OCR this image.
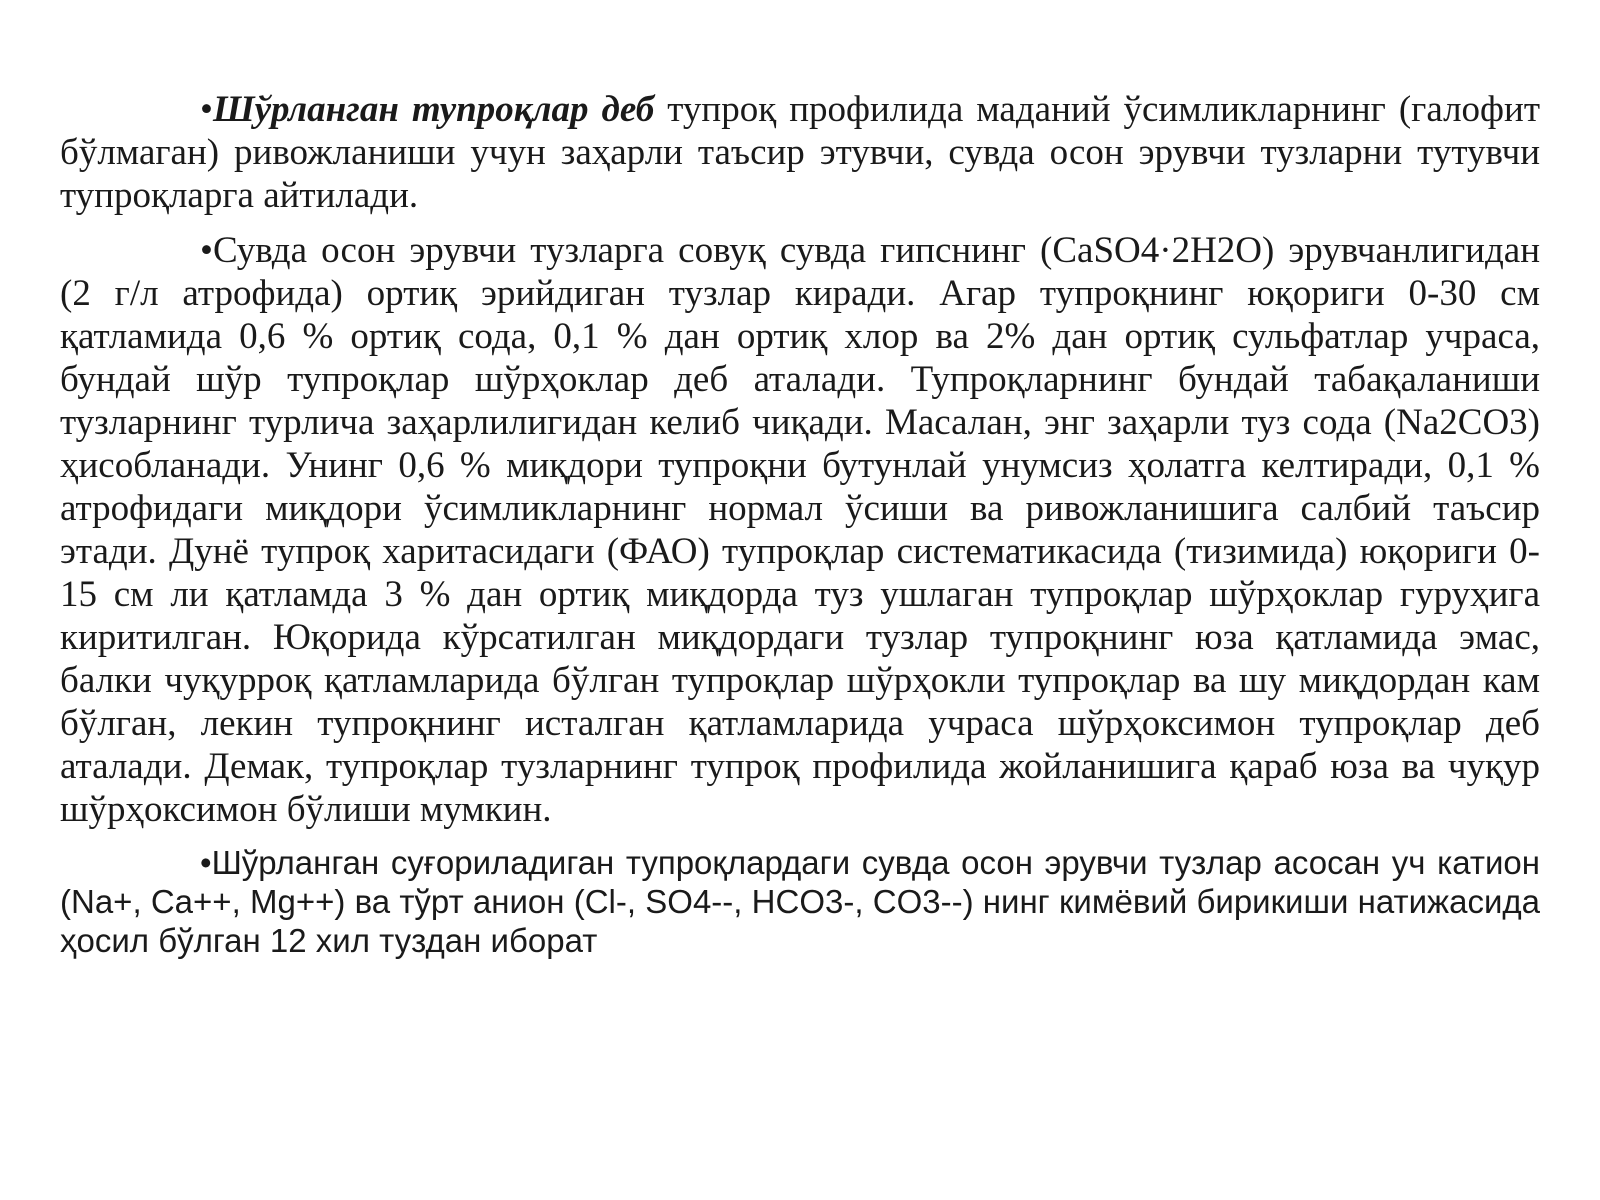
•Шўрланган тупроқлар деб тупроқ профилида маданий ўсимликларнинг (галофит бўлмаган) ривожланиши учун заҳарли таъсир этувчи, сувда осон эрувчи тузларни тутувчи тупроқларга айтилади.

•Сувда осон эрувчи тузларга совуқ сувда гипснинг (CaSO4·2H2O) эрувчанлигидан (2 г/л атрофида) ортиқ эрийдиган тузлар киради. Агар тупроқнинг юқориги 0-30 см қатламида 0,6 % ортиқ сода, 0,1 % дан ортиқ хлор ва 2% дан ортиқ сульфатлар учраса, бундай шўр тупроқлар шўрҳоклар деб аталади. Тупроқларнинг бундай табақаланиши тузларнинг турлича заҳарлилигидан келиб чиқади. Масалан, энг заҳарли туз сода (Na2CO3) ҳисобланади. Унинг 0,6 % миқдори тупроқни бутунлай унумсиз ҳолатга келтиради, 0,1 % атрофидаги миқдори ўсимликларнинг нормал ўсиши ва ривожланишига салбий таъсир этади. Дунё тупроқ харитасидаги (ФАО) тупроқлар систематикасида (тизимида) юқориги 0-15 см ли қатламда 3 % дан ортиқ миқдорда туз ушлаган тупроқлар шўрҳоклар гуруҳига киритилган. Юқорида кўрсатилган миқдордаги тузлар тупроқнинг юза қатламида эмас, балки чуқурроқ қатламларида бўлган тупроқлар шўрҳокли тупроқлар ва шу миқдордан кам бўлган, лекин тупроқнинг исталган қатламларида учраса шўрҳоксимон тупроқлар деб аталади. Демак, тупроқлар тузларнинг тупроқ профилида жойланишига қараб юза ва чуқур шўрҳоксимон бўлиши мумкин.

•Шўрланган суғориладиган тупроқлардаги сувда осон эрувчи тузлар асосан уч катион (Na+, Ca++, Mg++) ва тўрт анион (Cl-, SO4--, HCO3-, CO3--) нинг кимёвий бирикиши натижасида ҳосил бўлган 12 хил туздан иборат
